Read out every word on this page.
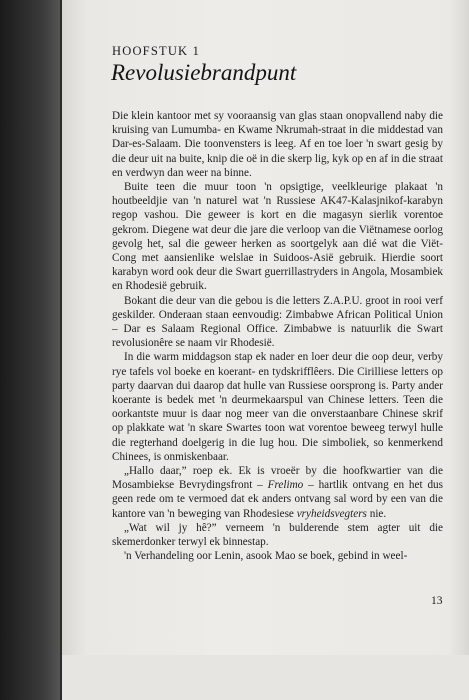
HOOFSTUK 1
Revolusiebrandpunt

Die klein kantoor met sy vooraansig van glas staan onopvallend naby die kruising van Lumumba- en Kwame Nkrumah-straat in die middestad van Dar-es-Salaam. Die toonvensters is leeg. Af en toe loer 'n swart gesig by die deur uit na buite, knip die oë in die skerp lig, kyk op en af in die straat en verdwyn dan weer na binne.

Buite teen die muur toon 'n opsigtige, veelkleurige plakaat 'n houtbeeldjie van 'n naturel wat 'n Russiese AK47-Kalasjnikof-karabyn regop vashou. Die geweer is kort en die magasyn sierlik vorentoe gekrom. Diegene wat deur die jare die verloop van die Viëtnamese oorlog gevolg het, sal die geweer herken as soortgelyk aan dié wat die Viët-Cong met aansienlike welslae in Suidoos-Asië gebruik. Hierdie soort karabyn word ook deur die Swart guerrillastryders in Angola, Mosambiek en Rhodesië gebruik.

Bokant die deur van die gebou is die letters Z.A.P.U. groot in rooi verf geskilder. Onderaan staan eenvoudig: Zimbabwe African Political Union – Dar es Salaam Regional Office. Zimbabwe is natuurlik die Swart revolusionêre se naam vir Rhodesië.

In die warm middagson stap ek nader en loer deur die oop deur, verby rye tafels vol boeke en koerant- en tydskrifflêers. Die Cirilliese letters op party daarvan dui daarop dat hulle van Russiese oorsprong is. Party ander koerante is bedek met 'n deurmekaarspul van Chinese letters. Teen die oorkantste muur is daar nog meer van die onverstaanbare Chinese skrif op plakkate wat 'n skare Swartes toon wat vorentoe beweeg terwyl hulle die regterhand doelgerig in die lug hou. Die simboliek, so kenmerkend Chinees, is onmiskenbaar.

„Hallo daar,” roep ek. Ek is vroeër by die hoofkwartier van die Mosambiekse Bevrydingsfront – Frelimo – hartlik ontvang en het dus geen rede om te vermoed dat ek anders ontvang sal word by een van die kantore van 'n beweging van Rhodesiese vryheidsvegters nie.

„Wat wil jy hê?” verneem 'n bulderende stem agter uit die skemerdonker terwyl ek binnestap.

'n Verhandeling oor Lenin, asook Mao se boek, gebind in weel-

13
